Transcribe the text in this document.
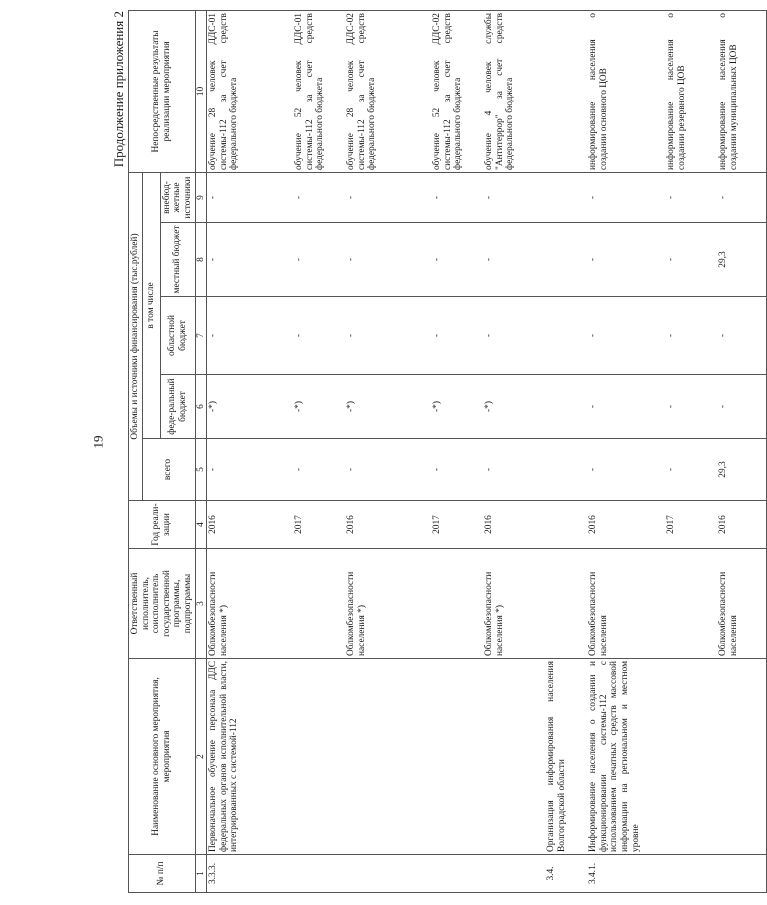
19
Продолжение приложения 2
№ п/п	Наименование основного мероприятия, мероприятия	Ответственный исполнитель, соисполнитель государственной программы, подпрограммы	Год реали-зации	Объемы и источники финансирования (тыс.рублей)					Непосредственные результаты реализации мероприятия
				всего	в том числе				
					феде-ральный бюджет	областной бюджет	местный бюджет	внебюд-жетные источники	
1	2	3	4	5	6	7	8	9	10
3.3.3.	Первоначальное обучение персонала ДДС федеральных органов исполнительной власти, интегрированных с системой-112	Облкомбезопасности населения *)	2016	-	-*)	-	-	-	обучение 28 человек ДДС-01 системы-112 за счет средств федерального бюджета
			2017	-	-*)	-	-	-	обучение 52 человек ДДС-01 системы-112 за счет средств федерального бюджета
		Облкомбезопасности населения *)	2016	-	-*)	-	-	-	обучение 28 человек ДДС-02 системы-112 за счет средств федерального бюджета
			2017	-	-*)	-	-	-	обучение 52 человек ДДС-02 системы-112 за счет средств федерального бюджета
		Облкомбезопасности населения *)	2016	-	-*)	-	-	-	обучение 4 человек службы "Антитеррор" за счет средств федерального бюджета
3.4.	Организация информирования населения Волгоградской области								
3.4.1.	Информирование населения о создании и функционировании системы-112 с использованием печатных средств массовой информации на региональном и местном уровне	Облкомбезопасности населения	2016	-	-	-	-	-	информирование населения о создании основного ЦОВ
			2017	-	-	-	-	-	информирование населения о создании резервного ЦОВ
		Облкомбезопасности населения	2016	29,3	-	-	29,3	-	информирование населения о создании муниципальных ЦОВ
